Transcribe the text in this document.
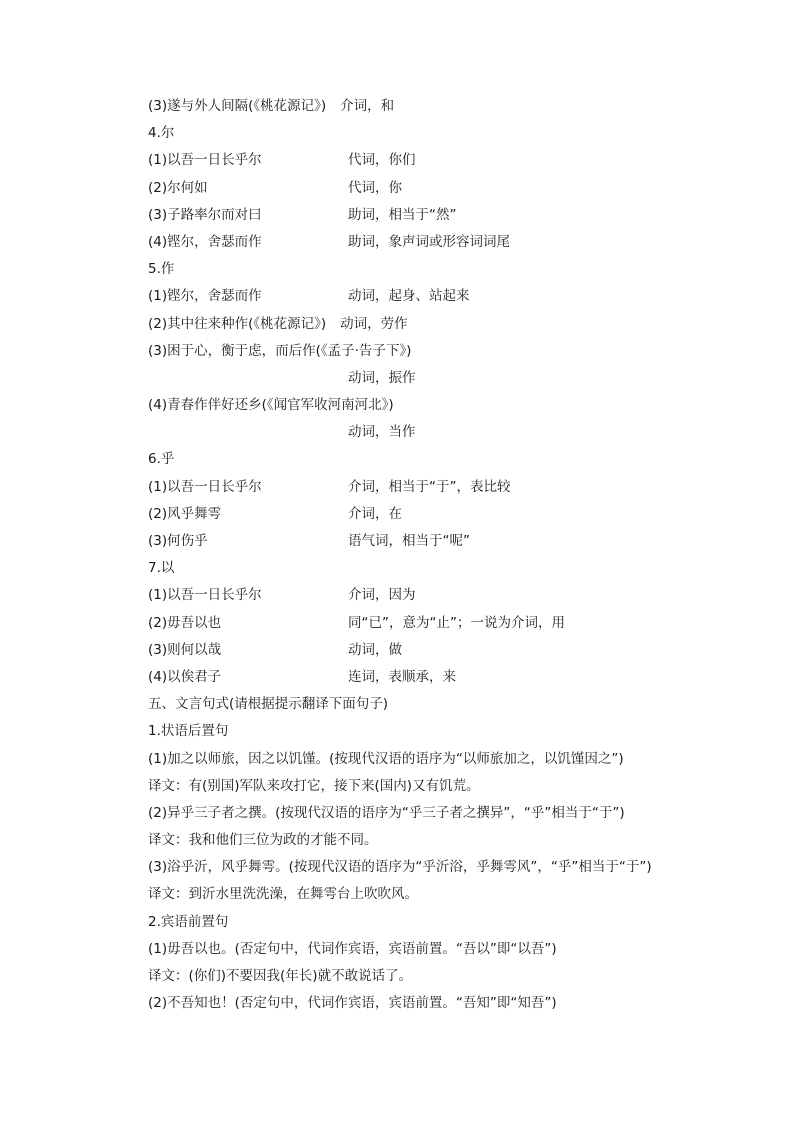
(3)遂与外人间隔(《桃花源记》) 介词，和
4.尔
(1)以吾一日长乎尔	代词，你们
(2)尔何如	代词，你
(3)子路率尔而对曰	助词，相当于“然”
(4)铿尔，舍瑟而作	助词，象声词或形容词词尾
5.作
(1)铿尔，舍瑟而作	动词，起身、站起来
(2)其中往来种作(《桃花源记》) 动词，劳作
(3)困于心，衡于虑，而后作(《孟子·告子下》)
动词，振作
(4)青春作伴好还乡(《闻官军收河南河北》)
动词，当作
6.乎
(1)以吾一日长乎尔	介词，相当于“于”，表比较
(2)风乎舞雩	介词，在
(3)何伤乎	语气词，相当于“呢”
7.以
(1)以吾一日长乎尔	介词，因为
(2)毋吾以也	同“已”，意为“止”；一说为介词，用
(3)则何以哉	动词，做
(4)以俟君子	连词，表顺承，来
五、文言句式(请根据提示翻译下面句子)
1.状语后置句
(1)加之以师旅，因之以饥馑。(按现代汉语的语序为“以师旅加之，以饥馑因之”)
译文：有(别国)军队来攻打它，接下来(国内)又有饥荒。
(2)异乎三子者之撰。(按现代汉语的语序为“乎三子者之撰异”，“乎”相当于“于”)
译文：我和他们三位为政的才能不同。
(3)浴乎沂，风乎舞雩。(按现代汉语的语序为“乎沂浴，乎舞雩风”，“乎”相当于“于”)
译文：到沂水里洗洗澡，在舞雩台上吹吹风。
2.宾语前置句
(1)毋吾以也。(否定句中，代词作宾语，宾语前置。“吾以”即“以吾”)
译文：(你们)不要因我(年长)就不敢说话了。
(2)不吾知也！(否定句中，代词作宾语，宾语前置。“吾知”即“知吾”)
